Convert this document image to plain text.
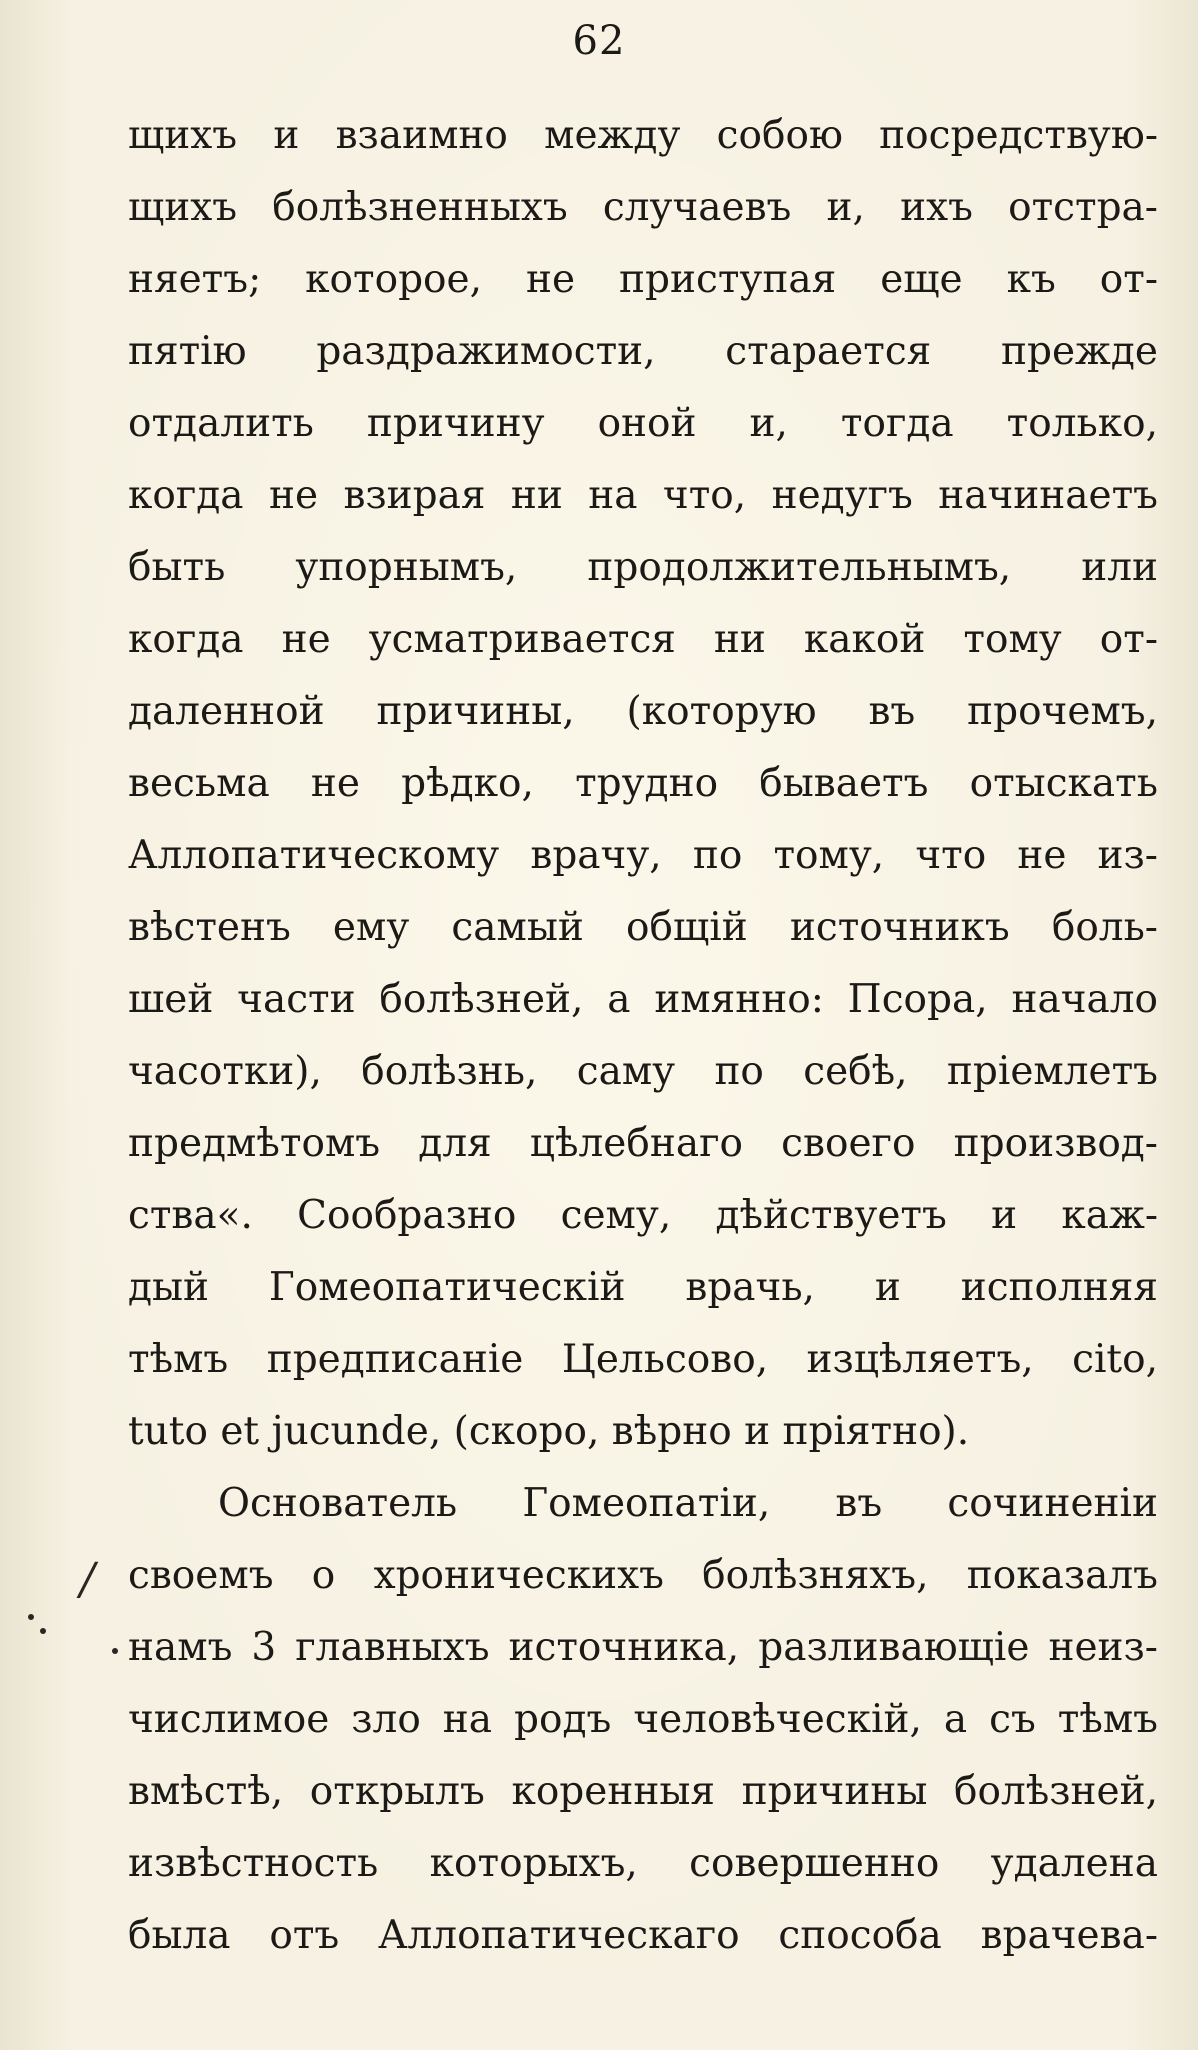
62
щихъ и взаимно между собою посредствую-
щихъ болѣзненныхъ случаевъ и, ихъ отстра-
няетъ; которое, не приступая еще къ от-
пятію раздражимости, старается прежде
отдалить причину оной и, тогда только,
когда не взирая ни на что, недугъ начинаетъ
быть упорнымъ, продолжительнымъ, или
когда не усматривается ни какой тому от-
даленной причины, (которую въ прочемъ,
весьма не рѣдко, трудно бываетъ отыскать
Аллопатическому врачу, по тому, что не из-
вѣстенъ ему самый общій источникъ боль-
шей части болѣзней, а имянно: Псора, начало
часотки), болѣзнь, саму по себѣ, пріемлетъ
предмѣтомъ для цѣлебнаго своего производ-
ства«. Сообразно сему, дѣйствуетъ и каж-
дый Гомеопатическій врачь, и исполняя
тѣмъ предписаніе Цельсово, изцѣляетъ, cito,
tuto et jucunde, (скоро, вѣрно и пріятно).
Основатель Гомеопатіи, въ сочиненіи
своемъ о хроническихъ болѣзняхъ, показалъ
намъ 3 главныхъ источника, разливающіе неиз-
числимое зло на родъ человѣческій, а съ тѣмъ
вмѣстѣ, открылъ коренныя причины болѣзней,
извѣстность которыхъ, совершенно удалена
была отъ Аллопатическаго способа врачева-
/
